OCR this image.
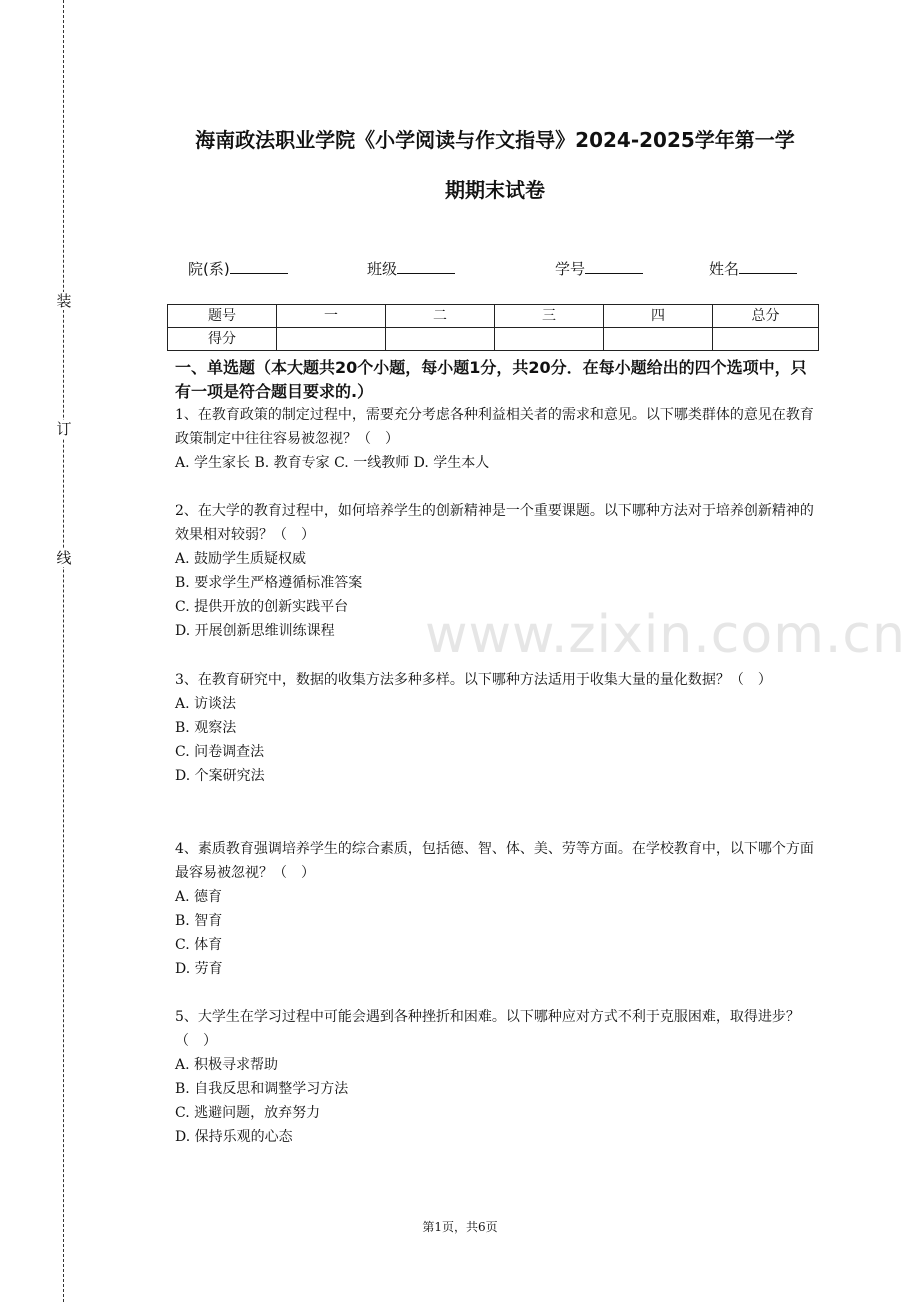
装
订
线
海南政法职业学院《小学阅读与作文指导》2024-2025学年第一学
期期末试卷
院(系)	班级	学号	姓名
题号	一	二	三	四	总分
得分					
一、单选题（本大题共20个小题，每小题1分，共20分．在每小题给出的四个选项中，只有一项是符合题目要求的.）

1、在教育政策的制定过程中，需要充分考虑各种利益相关者的需求和意见。以下哪类群体的意见在教育政策制定中往往容易被忽视？（　）

A. 学生家长 B. 教育专家 C. 一线教师 D. 学生本人

2、在大学的教育过程中，如何培养学生的创新精神是一个重要课题。以下哪种方法对于培养创新精神的效果相对较弱？（　）

A. 鼓励学生质疑权威

B. 要求学生严格遵循标准答案

C. 提供开放的创新实践平台

D. 开展创新思维训练课程

3、在教育研究中，数据的收集方法多种多样。以下哪种方法适用于收集大量的量化数据？（　）

A. 访谈法

B. 观察法

C. 问卷调查法

D. 个案研究法

4、素质教育强调培养学生的综合素质，包括德、智、体、美、劳等方面。在学校教育中，以下哪个方面最容易被忽视？（　）

A. 德育

B. 智育

C. 体育

D. 劳育

5、大学生在学习过程中可能会遇到各种挫折和困难。以下哪种应对方式不利于克服困难，取得进步？（　）

A. 积极寻求帮助

B. 自我反思和调整学习方法

C. 逃避问题，放弃努力

D. 保持乐观的心态

www.zixin.com.cn
第1页，共6页
